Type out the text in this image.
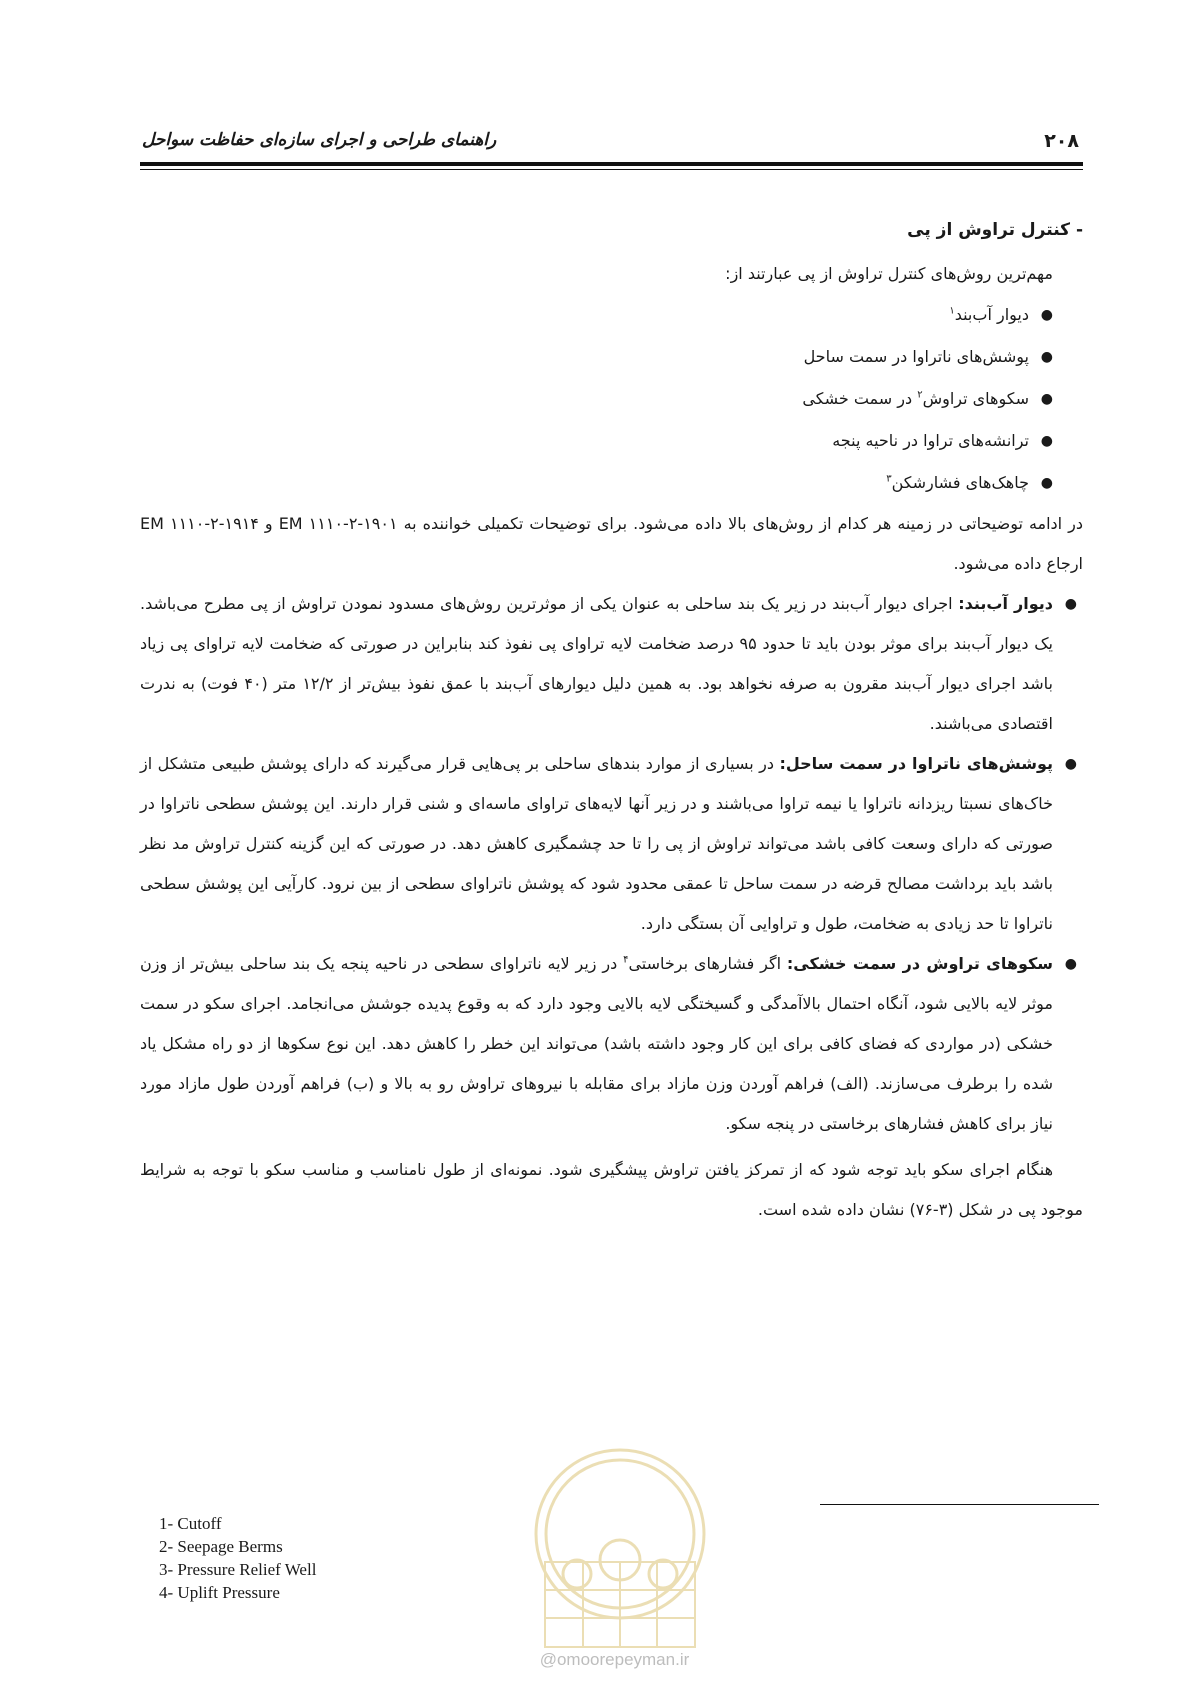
۲۰۸
راهنمای طراحی و اجرای سازه‌ای حفاظت سواحل

- کنترل تراوش از پی

مهم‌ترین روش‌های کنترل تراوش از پی عبارتند از:

●
دیوار آب‌بند$^۱$
●
پوشش‌های ناتراوا در سمت ساحل
●
سکوهای تراوش$^۲$ در سمت خشکی
●
ترانشه‌های تراوا در ناحیه پنجه
●
چاهک‌های فشارشکن$^۳$

در ادامه توضیحاتی در زمینه هر کدام از روش‌های بالا داده می‌شود. برای توضیحات تکمیلی خواننده به ۱۹۰۱-۲-۱۱۱۰ EM و ۱۹۱۴-۲-۱۱۱۰ EM ارجاع داده می‌شود.

●
دیوار آب‌بند: اجرای دیوار آب‌بند در زیر یک بند ساحلی به عنوان یکی از موثرترین روش‌های مسدود نمودن تراوش از پی مطرح می‌باشد. یک دیوار آب‌بند برای موثر بودن باید تا حدود ۹۵ درصد ضخامت لایه تراوای پی نفوذ کند بنابراین در صورتی که ضخامت لایه تراوای پی زیاد باشد اجرای دیوار آب‌بند مقرون به صرفه نخواهد بود. به همین دلیل دیوارهای آب‌بند با عمق نفوذ بیش‌تر از ۱۲/۲ متر (۴۰ فوت) به ندرت اقتصادی می‌باشند.

●
پوشش‌های ناتراوا در سمت ساحل: در بسیاری از موارد بندهای ساحلی بر پی‌هایی قرار می‌گیرند که دارای پوشش طبیعی متشکل از خاک‌های نسبتا ریزدانه ناتراوا یا نیمه تراوا می‌باشند و در زیر آنها لایه‌های تراوای ماسه‌ای و شنی قرار دارند. این پوشش سطحی ناتراوا در صورتی که دارای وسعت کافی باشد می‌تواند تراوش از پی را تا حد چشمگیری کاهش دهد. در صورتی که این گزینه کنترل تراوش مد نظر باشد باید برداشت مصالح قرضه در سمت ساحل تا عمقی محدود شود که پوشش ناتراوای سطحی از بین نرود. کارآیی این پوشش سطحی ناتراوا تا حد زیادی به ضخامت، طول و تراوایی آن بستگی دارد.

●
سکوهای تراوش در سمت خشکی: اگر فشارهای برخاستی$^۴$ در زیر لایه ناتراوای سطحی در ناحیه پنجه یک بند ساحلی بیش‌تر از وزن موثر لایه بالایی شود، آنگاه احتمال بالاآمدگی و گسیختگی لایه بالایی وجود دارد که به وقوع پدیده جوشش می‌انجامد. اجرای سکو در سمت خشکی (در مواردی که فضای کافی برای این کار وجود داشته باشد) می‌تواند این خطر را کاهش دهد. این نوع سکوها از دو راه مشکل یاد شده را برطرف می‌سازند. (الف) فراهم آوردن وزن مازاد برای مقابله با نیروهای تراوش رو به بالا و (ب) فراهم آوردن طول مازاد مورد نیاز برای کاهش فشارهای برخاستی در پنجه سکو.

هنگام اجرای سکو باید توجه شود که از تمرکز یافتن تراوش پیشگیری شود. نمونه‌ای از طول نامناسب و مناسب سکو با توجه به شرایط موجود پی در شکل (۳-۷۶) نشان داده شده است.

1- Cutoff
2- Seepage Berms
3- Pressure Relief Well
4- Uplift Pressure
@omoorepeyman.ir
